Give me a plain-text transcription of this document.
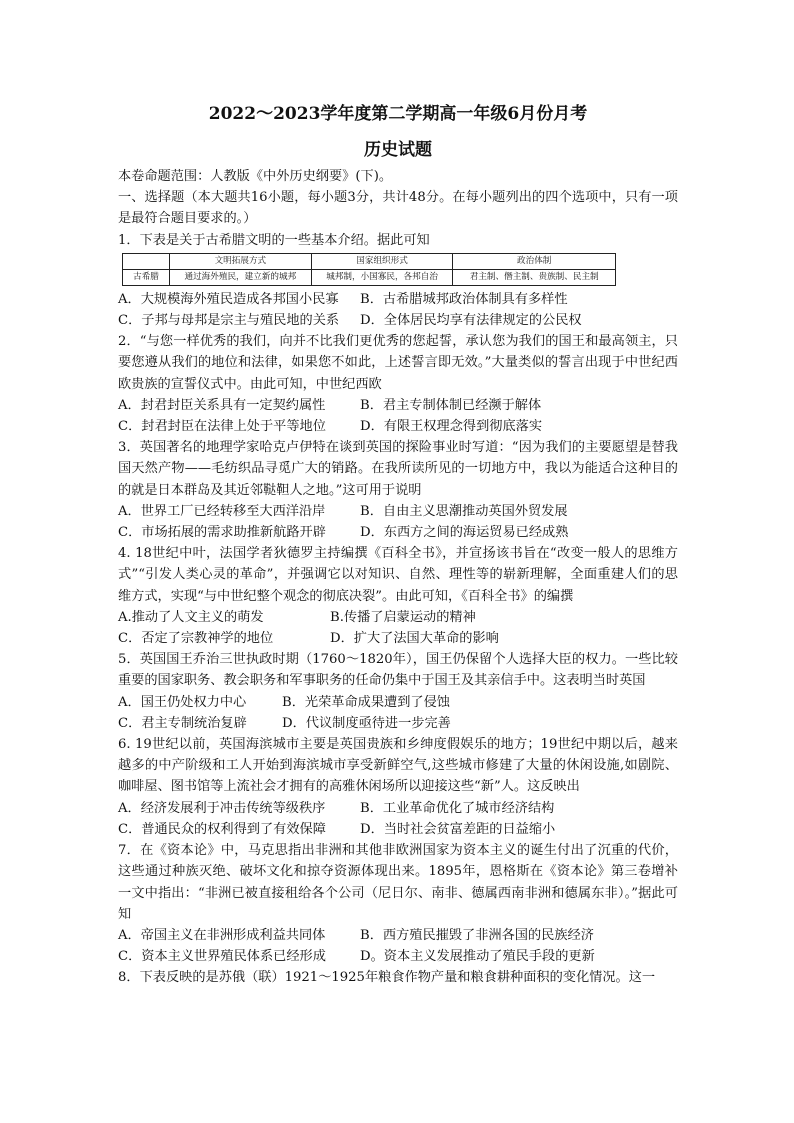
2022～2023学年度第二学期高一年级6月份月考
历史试题

本卷命题范围：人教版《中外历史纲要》(下)。

一、选择题（本大题共16小题，每小题3分，共计48分。在每小题列出的四个选项中，只有一项是最符合题目要求的。）

1．下表是关于古希腊文明的一些基本介绍。据此可知

	文明拓展方式	国家组织形式	政治体制
古希腊	通过海外殖民，建立新的城邦	城邦制，小国寡民，各邦自治	君主制、僭主制、贵族制、民主制
A．大规模海外殖民造成各邦国小民寡	B．古希腊城邦政治体制具有多样性
C．子邦与母邦是宗主与殖民地的关系	D．全体居民均享有法律规定的公民权

2．“与您一样优秀的我们，向并不比我们更优秀的您起誓，承认您为我们的国王和最高领主，只要您遵从我们的地位和法律，如果您不如此，上述誓言即无效。”大量类似的誓言出现于中世纪西欧贵族的宣誓仪式中。由此可知，中世纪西欧

A．封君封臣关系具有一定契约属性	B．君主专制体制已经濒于解体
C．封君封臣在法律上处于平等地位	D．有限王权理念得到彻底落实

3．英国著名的地理学家哈克卢伊特在谈到英国的探险事业时写道：“因为我们的主要愿望是替我国天然产物——毛纺织品寻觅广大的销路。在我所读所见的一切地方中，我以为能适合这种目的的就是日本群岛及其近邻鞑靼人之地。”这可用于说明

A．世界工厂已经转移至大西洋沿岸	B．自由主义思潮推动英国外贸发展
C．市场拓展的需求助推新航路开辟	D．东西方之间的海运贸易已经成熟

4. 18世纪中叶，法国学者狄德罗主持编撰《百科全书》，并宣扬该书旨在“改变一般人的思维方式”“引发人类心灵的革命”，并强调它以对知识、自然、理性等的崭新理解，全面重建人们的思维方式，实现“与中世纪整个观念的彻底决裂”。由此可知，《百科全书》的编撰

A.推动了人文主义的萌发	B.传播了启蒙运动的精神
C．否定了宗教神学的地位	D．扩大了法国大革命的影响

5．英国国王乔治三世执政时期（1760～1820年），国王仍保留个人选择大臣的权力。一些比较重要的国家职务、教会职务和军事职务的任命仍集中于国王及其亲信手中。这表明当时英国

A．国王仍处权力中心	B．光荣革命成果遭到了侵蚀
C．君主专制统治复辟	D．代议制度亟待进一步完善

6. 19世纪以前，英国海滨城市主要是英国贵族和乡绅度假娱乐的地方；19世纪中期以后，越来越多的中产阶级和工人开始到海滨城市享受新鲜空气,这些城市修建了大量的休闲设施,如剧院、咖啡屋、图书馆等上流社会才拥有的高雅休闲场所以迎接这些“新”人。这反映出

A．经济发展利于冲击传统等级秩序	B．工业革命优化了城市经济结构
C．普通民众的权利得到了有效保障	D．当时社会贫富差距的日益缩小

7．在《资本论》中，马克思指出非洲和其他非欧洲国家为资本主义的诞生付出了沉重的代价，这些通过种族灭绝、破坏文化和掠夺资源体现出来。1895年，恩格斯在《资本论》第三卷增补一文中指出：“非洲已被直接租给各个公司（尼日尔、南非、德属西南非洲和德属东非）。”据此可知

A．帝国主义在非洲形成利益共同体	B．西方殖民摧毁了非洲各国的民族经济
C．资本主义世界殖民体系已经形成	D。资本主义发展推动了殖民手段的更新

8．下表反映的是苏俄（联）1921～1925年粮食作物产量和粮食耕种面积的变化情况。这一
